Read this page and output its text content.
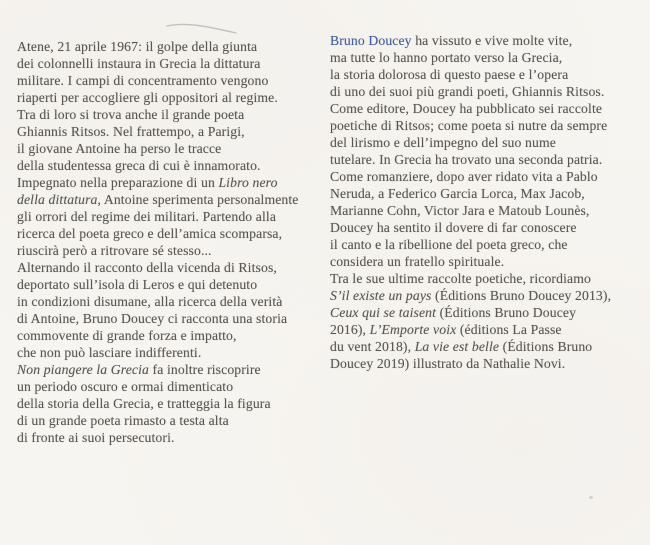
Atene, 21 aprile 1967: il golpe della giunta
dei colonnelli instaura in Grecia la dittatura
militare. I campi di concentramento vengono
riaperti per accogliere gli oppositori al regime.
Tra di loro si trova anche il grande poeta
Ghiannis Ritsos. Nel frattempo, a Parigi,
il giovane Antoine ha perso le tracce
della studentessa greca di cui è innamorato.
Impegnato nella preparazione di un Libro nero
della dittatura, Antoine sperimenta personalmente
gli orrori del regime dei militari. Partendo alla
ricerca del poeta greco e dell’amica scomparsa,
riuscirà però a ritrovare sé stesso...
Alternando il racconto della vicenda di Ritsos,
deportato sull’isola di Leros e qui detenuto
in condizioni disumane, alla ricerca della verità
di Antoine, Bruno Doucey ci racconta una storia
commovente di grande forza e impatto,
che non può lasciare indifferenti.
Non piangere la Grecia fa inoltre riscoprire
un periodo oscuro e ormai dimenticato
della storia della Grecia, e tratteggia la figura
di un grande poeta rimasto a testa alta
di fronte ai suoi persecutori.
Bruno Doucey ha vissuto e vive molte vite,
ma tutte lo hanno portato verso la Grecia,
la storia dolorosa di questo paese e l’opera
di uno dei suoi più grandi poeti, Ghiannis Ritsos.
Come editore, Doucey ha pubblicato sei raccolte
poetiche di Ritsos; come poeta si nutre da sempre
del lirismo e dell’impegno del suo nume
tutelare. In Grecia ha trovato una seconda patria.
Come romanziere, dopo aver ridato vita a Pablo
Neruda, a Federico Garcia Lorca, Max Jacob,
Marianne Cohn, Victor Jara e Matoub Lounès,
Doucey ha sentito il dovere di far conoscere
il canto e la ribellione del poeta greco, che
considera un fratello spirituale.
Tra le sue ultime raccolte poetiche, ricordiamo
S’il existe un pays (Éditions Bruno Doucey 2013),
Ceux qui se taisent (Éditions Bruno Doucey
2016), L’Emporte voix (éditions La Passe
du vent 2018), La vie est belle (Éditions Bruno
Doucey 2019) illustrato da Nathalie Novi.
